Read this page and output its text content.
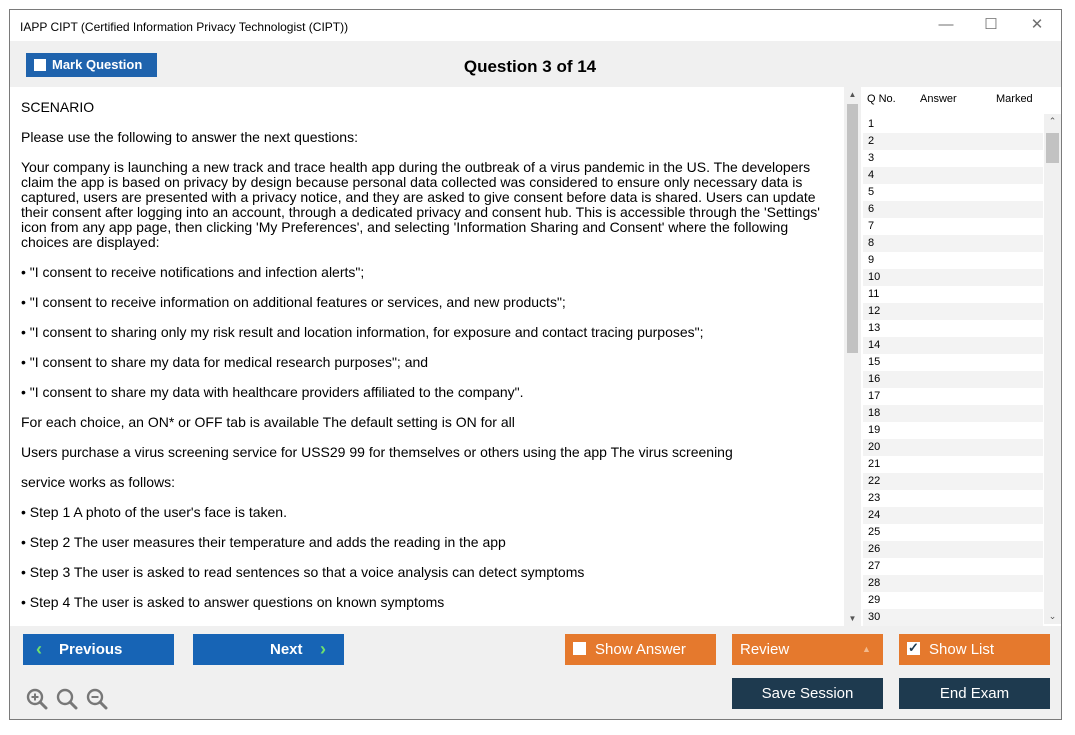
IAPP CIPT (Certified Information Privacy Technologist (CIPT))	—	☐	✕
Mark Question	Question 3 of 14

SCENARIO

Please use the following to answer the next questions:

Your company is launching a new track and trace health app during the outbreak of a virus pandemic in the US. The developers claim the app is based on privacy by design because personal data collected was considered to ensure only necessary data is captured, users are presented with a privacy notice, and they are asked to give consent before data is shared. Users can update their consent after logging into an account, through a dedicated privacy and consent hub. This is accessible through the 'Settings' icon from any app page, then clicking 'My Preferences', and selecting 'Information Sharing and Consent' where the following choices are displayed:

• "I consent to receive notifications and infection alerts";

• "I consent to receive information on additional features or services, and new products";

• "I consent to sharing only my risk result and location information, for exposure and contact tracing purposes";

• "I consent to share my data for medical research purposes"; and

• "I consent to share my data with healthcare providers affiliated to the company".

For each choice, an ON* or OFF tab is available The default setting is ON for all

Users purchase a virus screening service for USS29 99 for themselves or others using the app The virus screening

service works as follows:

• Step 1 A photo of the user's face is taken.

• Step 2 The user measures their temperature and adds the reading in the app

• Step 3 The user is asked to read sentences so that a voice analysis can detect symptoms

• Step 4 The user is asked to answer questions on known symptoms

▲
▼
Q No. Answer	Marked
1
2
3
4
5
6
7
8
9
10
11
12
13
14
15
16
17
18
19
20
21
22
23
24
25
26
27
28
29
30
⌃
⌄
‹ Previous	Next ›	Show Answer	Review	▲	✓ Show List
Save Session	End Exam
